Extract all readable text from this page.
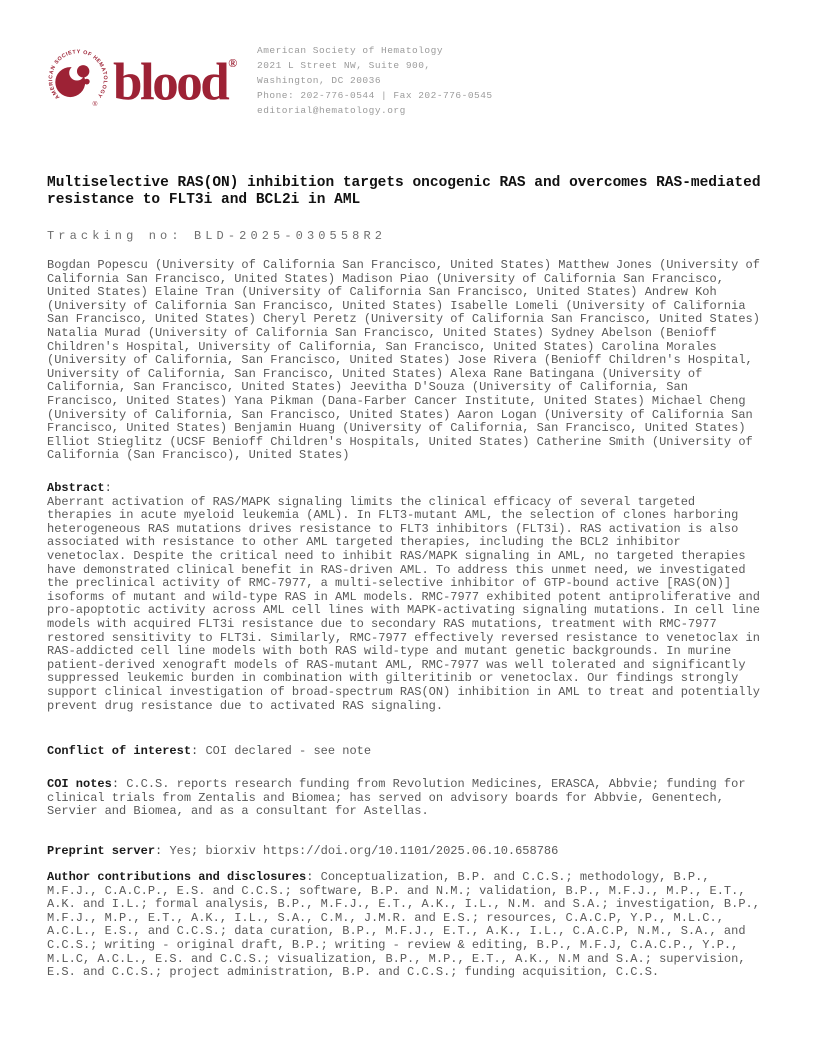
AMERICAN SOCIETY OF HEMATOLOGY
® blood®
American Society of Hematology
2021 L Street NW, Suite 900,
Washington, DC 20036
Phone: 202-776-0544 | Fax 202-776-0545
editorial@hematology.org
Multiselective RAS(ON) inhibition targets oncogenic RAS and overcomes RAS-mediated resistance to FLT3i and BCL2i in AML
Tracking no: BLD-2025-030558R2
Bogdan Popescu (University of California San Francisco, United States) Matthew Jones (University of California San Francisco, United States) Madison Piao (University of California San Francisco, United States) Elaine Tran (University of California San Francisco, United States) Andrew Koh (University of California San Francisco, United States) Isabelle Lomeli (University of California San Francisco, United States) Cheryl Peretz (University of California San Francisco, United States) Natalia Murad (University of California San Francisco, United States) Sydney Abelson (Benioff Children's Hospital, University of California, San Francisco, United States) Carolina Morales (University of California, San Francisco, United States) Jose Rivera (Benioff Children's Hospital, University of California, San Francisco, United States) Alexa Rane Batingana (University of California, San Francisco, United States) Jeevitha D'Souza (University of California, San Francisco, United States) Yana Pikman (Dana-Farber Cancer Institute, United States) Michael Cheng (University of California, San Francisco, United States) Aaron Logan (University of California San Francisco, United States) Benjamin Huang (University of California, San Francisco, United States) Elliot Stieglitz (UCSF Benioff Children's Hospitals, United States) Catherine Smith (University of California (San Francisco), United States)
Abstract:
Aberrant activation of RAS/MAPK signaling limits the clinical efficacy of several targeted therapies in acute myeloid leukemia (AML). In FLT3-mutant AML, the selection of clones harboring heterogeneous RAS mutations drives resistance to FLT3 inhibitors (FLT3i). RAS activation is also associated with resistance to other AML targeted therapies, including the BCL2 inhibitor venetoclax. Despite the critical need to inhibit RAS/MAPK signaling in AML, no targeted therapies have demonstrated clinical benefit in RAS-driven AML. To address this unmet need, we investigated the preclinical activity of RMC-7977, a multi-selective inhibitor of GTP-bound active [RAS(ON)] isoforms of mutant and wild-type RAS in AML models. RMC-7977 exhibited potent antiproliferative and pro-apoptotic activity across AML cell lines with MAPK-activating signaling mutations. In cell line models with acquired FLT3i resistance due to secondary RAS mutations, treatment with RMC-7977 restored sensitivity to FLT3i. Similarly, RMC-7977 effectively reversed resistance to venetoclax in RAS-addicted cell line models with both RAS wild-type and mutant genetic backgrounds. In murine patient-derived xenograft models of RAS-mutant AML, RMC-7977 was well tolerated and significantly suppressed leukemic burden in combination with gilteritinib or venetoclax. Our findings strongly support clinical investigation of broad-spectrum RAS(ON) inhibition in AML to treat and potentially prevent drug resistance due to activated RAS signaling.

Conflict of interest: COI declared - see note

COI notes: C.C.S. reports research funding from Revolution Medicines, ERASCA, Abbvie; funding for clinical trials from Zentalis and Biomea; has served on advisory boards for Abbvie, Genentech, Servier and Biomea, and as a consultant for Astellas.

Preprint server: Yes; biorxiv https://doi.org/10.1101/2025.06.10.658786

Author contributions and disclosures: Conceptualization, B.P. and C.C.S.; methodology, B.P., M.F.J., C.A.C.P., E.S. and C.C.S.; software, B.P. and N.M.; validation, B.P., M.F.J., M.P., E.T., A.K. and I.L.; formal analysis, B.P., M.F.J., E.T., A.K., I.L., N.M. and S.A.; investigation, B.P., M.F.J., M.P., E.T., A.K., I.L., S.A., C.M., J.M.R. and E.S.; resources, C.A.C.P, Y.P., M.L.C., A.C.L., E.S., and C.C.S.; data curation, B.P., M.F.J., E.T., A.K., I.L., C.A.C.P, N.M., S.A., and C.C.S.; writing - original draft, B.P.; writing - review & editing, B.P., M.F.J, C.A.C.P., Y.P., M.L.C, A.C.L., E.S. and C.C.S.; visualization, B.P., M.P., E.T., A.K., N.M and S.A.; supervision, E.S. and C.C.S.; project administration, B.P. and C.C.S.; funding acquisition, C.C.S.
